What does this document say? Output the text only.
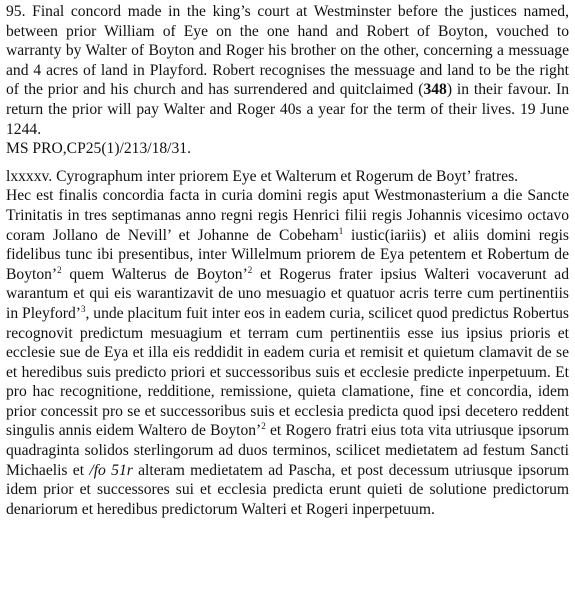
95. Final concord made in the king’s court at Westminster before the justices named, between prior William of Eye on the one hand and Robert of Boyton, vouched to warranty by Walter of Boyton and Roger his brother on the other, concerning a messuage and 4 acres of land in Playford. Robert recognises the messuage and land to be the right of the prior and his church and has surrendered and quitclaimed (348) in their favour. In return the prior will pay Walter and Roger 40s a year for the term of their lives. 19 June 1244.

MS PRO,CP25(1)/213/18/31.

lxxxxv. Cyrographum inter priorem Eye et Walterum et Rogerum de Boyt’ fratres.

Hec est finalis concordia facta in curia domini regis aput Westmonasterium a die Sancte Trinitatis in tres septimanas anno regni regis Henrici filii regis Johannis vicesimo octavo coram Jollano de Nevill’ et Johanne de Cobeham$^1$ iustic(iariis) et aliis domini regis fidelibus tunc ibi presentibus, inter Willelmum priorem de Eya petentem et Robertum de Boyton’$^2$ quem Walterus de Boyton’$^2$ et Rogerus frater ipsius Walteri vocaverunt ad warantum et qui eis warantizavit de uno mesuagio et quatuor acris terre cum pertinentiis in Pleyford’$^3$, unde placitum fuit inter eos in eadem curia, scilicet quod predictus Robertus recognovit predictum mesuagium et terram cum pertinentiis esse ius ipsius prioris et ecclesie sue de Eya et illa eis reddidit in eadem curia et remisit et quietum clamavit de se et heredibus suis predicto priori et successoribus suis et ecclesie predicte inperpetuum. Et pro hac recognitione, redditione, remissione, quieta clamatione, fine et concordia, idem prior concessit pro se et successoribus suis et ecclesia predicta quod ipsi decetero reddent singulis annis eidem Waltero de Boyton’$^2$ et Rogero fratri eius tota vita utriusque ipsorum quadraginta solidos sterlingorum ad duos terminos, scilicet medietatem ad festum Sancti Michaelis et /fo 51r alteram medietatem ad Pascha, et post decessum utriusque ipsorum idem prior et successores sui et ecclesia predicta erunt quieti de solutione predictorum denariorum et heredibus predictorum Walteri et Rogeri inperpetuum.
